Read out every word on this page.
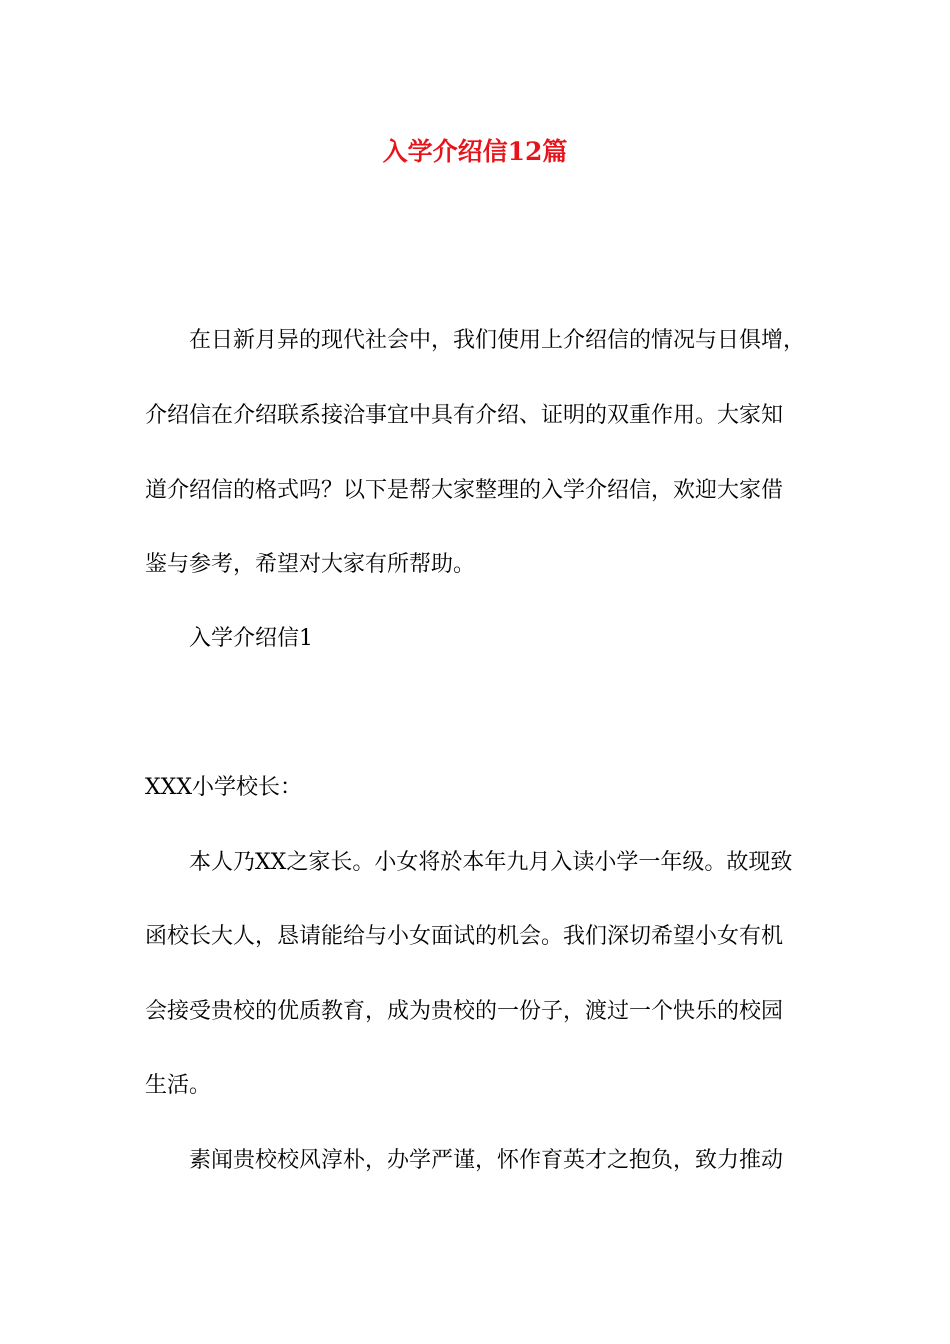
入学介绍信12篇
在日新月异的现代社会中，我们使用上介绍信的情况与日俱增，
介绍信在介绍联系接洽事宜中具有介绍、证明的双重作用。大家知
道介绍信的格式吗？以下是帮大家整理的入学介绍信，欢迎大家借
鉴与参考，希望对大家有所帮助。
入学介绍信1
XXX小学校长：
本人乃XX之家长。小女将於本年九月入读小学一年级。故现致
函校长大人，恳请能给与小女面试的机会。我们深切希望小女有机
会接受贵校的优质教育，成为贵校的一份子，渡过一个快乐的校园
生活。
素闻贵校校风淳朴，办学严谨，怀作育英才之抱负，致力推动
